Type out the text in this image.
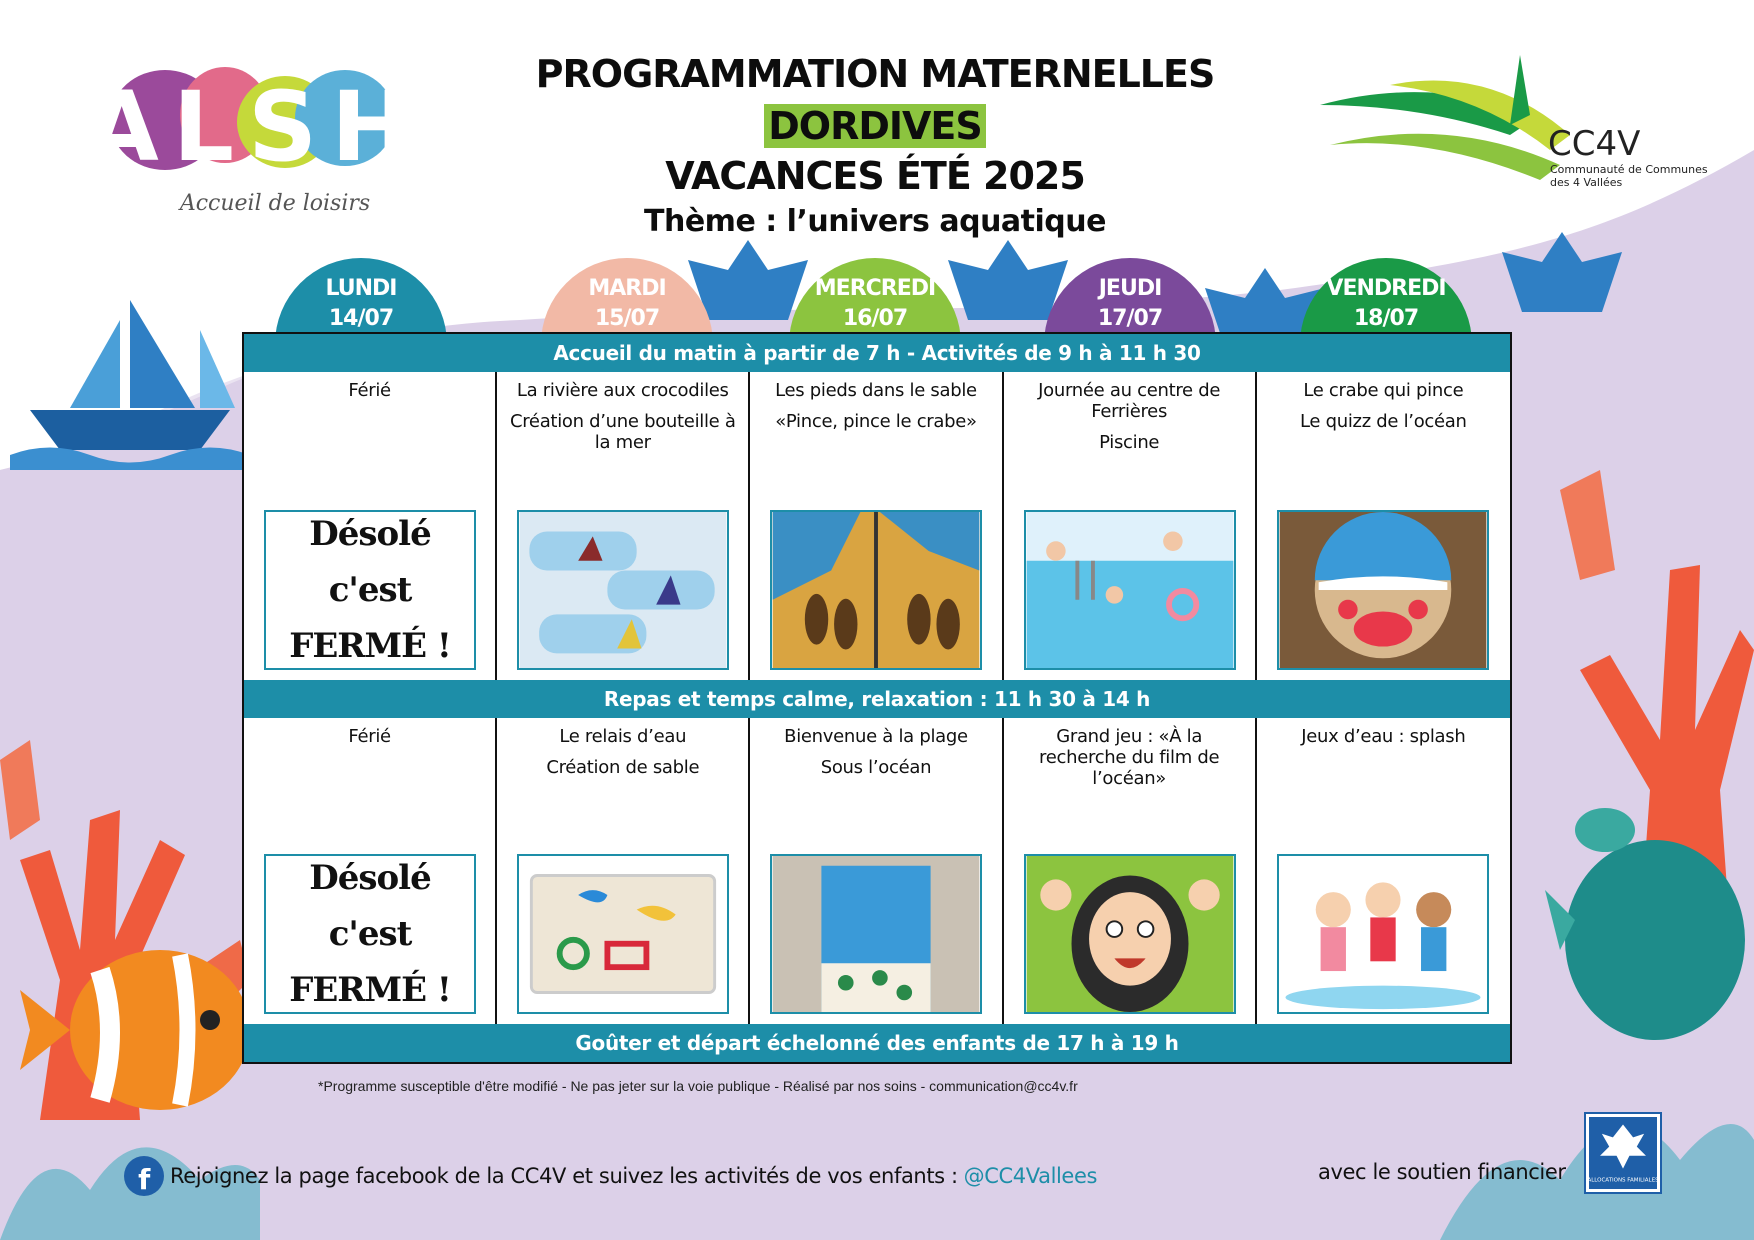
ALSH
Accueil de loisirs
PROGRAMMATION MATERNELLES DORDIVES
VACANCES ÉTÉ 2025
Thème : l’univers aquatique
CC4V
Communauté de Communes
des 4 Vallées
LUNDI
14/07
MARDI
15/07
MERCREDI
16/07
JEUDI
17/07
VENDREDI
18/07
Accueil du matin à partir de 7 h - Activités de 9 h à 11 h 30
Férié
Désolé c'est
FERMÉ !
La rivière aux crocodiles
Création d’une bouteille à la mer
Les pieds dans le sable
«Pince, pince le crabe»
Journée au centre de Ferrières
Piscine
Le crabe qui pince
Le quizz de l’océan
Repas et temps calme, relaxation : 11 h 30 à 14 h
Férié
Désolé c'est
FERMÉ !
Le relais d’eau
Création de sable
Bienvenue à la plage
Sous l’océan
Grand jeu : «À la recherche du film de l’océan»
Jeux d’eau : splash
Goûter et départ échelonné des enfants de 17 h à 19 h
*Programme susceptible d'être modifié - Ne pas jeter sur la voie publique - Réalisé par nos soins - communication@cc4v.fr
f Rejoignez la page facebook de la CC4V et suivez les activités de vos enfants : @CC4Vallees	avec le soutien financier	ALLOCATIONS FAMILIALES
